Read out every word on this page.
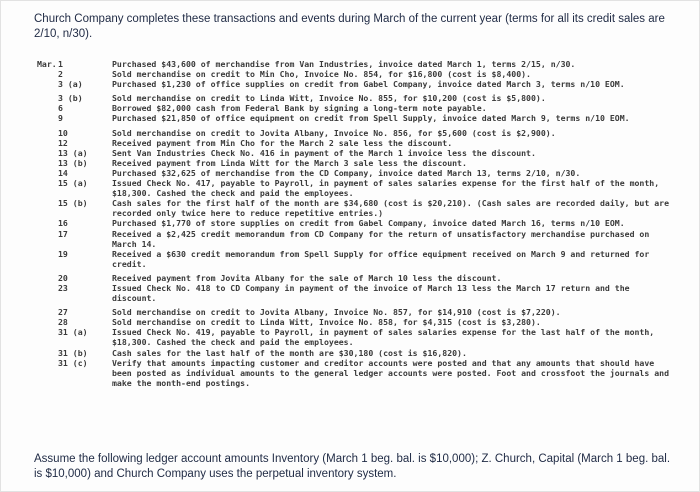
Church Company completes these transactions and events during March of the current year (terms for all its credit sales are 2/10, n/30).
Mar. 1	Purchased $43,600 of merchandise from Van Industries, invoice dated March 1, terms 2/15, n/30.
2	Sold merchandise on credit to Min Cho, Invoice No. 854, for $16,800 (cost is $8,400).
3 (a)	Purchased $1,230 of office supplies on credit from Gabel Company, invoice dated March 3, terms n/10 EOM.
3 (b)	Sold merchandise on credit to Linda Witt, Invoice No. 855, for $10,200 (cost is $5,800).
6	Borrowed $82,000 cash from Federal Bank by signing a long-term note payable.
9	Purchased $21,850 of office equipment on credit from Spell Supply, invoice dated March 9, terms n/10 EOM.
10	Sold merchandise on credit to Jovita Albany, Invoice No. 856, for $5,600 (cost is $2,900).
12	Received payment from Min Cho for the March 2 sale less the discount.
13 (a)	Sent Van Industries Check No. 416 in payment of the March 1 invoice less the discount.
13 (b)	Received payment from Linda Witt for the March 3 sale less the discount.
14	Purchased $32,625 of merchandise from the CD Company, invoice dated March 13, terms 2/10, n/30.
15 (a)	Issued Check No. 417, payable to Payroll, in payment of sales salaries expense for the first half of the month, $18,300. Cashed the check and paid the employees.
15 (b)	Cash sales for the first half of the month are $34,680 (cost is $20,210). (Cash sales are recorded daily, but are recorded only twice here to reduce repetitive entries.)
16	Purchased $1,770 of store supplies on credit from Gabel Company, invoice dated March 16, terms n/10 EOM.
17	Received a $2,425 credit memorandum from CD Company for the return of unsatisfactory merchandise purchased on March 14.
19	Received a $630 credit memorandum from Spell Supply for office equipment received on March 9 and returned for credit.
20	Received payment from Jovita Albany for the sale of March 10 less the discount.
23	Issued Check No. 418 to CD Company in payment of the invoice of March 13 less the March 17 return and the discount.
27	Sold merchandise on credit to Jovita Albany, Invoice No. 857, for $14,910 (cost is $7,220).
28	Sold merchandise on credit to Linda Witt, Invoice No. 858, for $4,315 (cost is $3,280).
31 (a)	Issued Check No. 419, payable to Payroll, in payment of sales salaries expense for the last half of the month, $18,300. Cashed the check and paid the employees.
31 (b)	Cash sales for the last half of the month are $30,180 (cost is $16,820).
31 (c)	Verify that amounts impacting customer and creditor accounts were posted and that any amounts that should have been posted as individual amounts to the general ledger accounts were posted. Foot and crossfoot the journals and make the month-end postings.
Assume the following ledger account amounts Inventory (March 1 beg. bal. is $10,000); Z. Church, Capital (March 1 beg. bal. is $10,000) and Church Company uses the perpetual inventory system.
